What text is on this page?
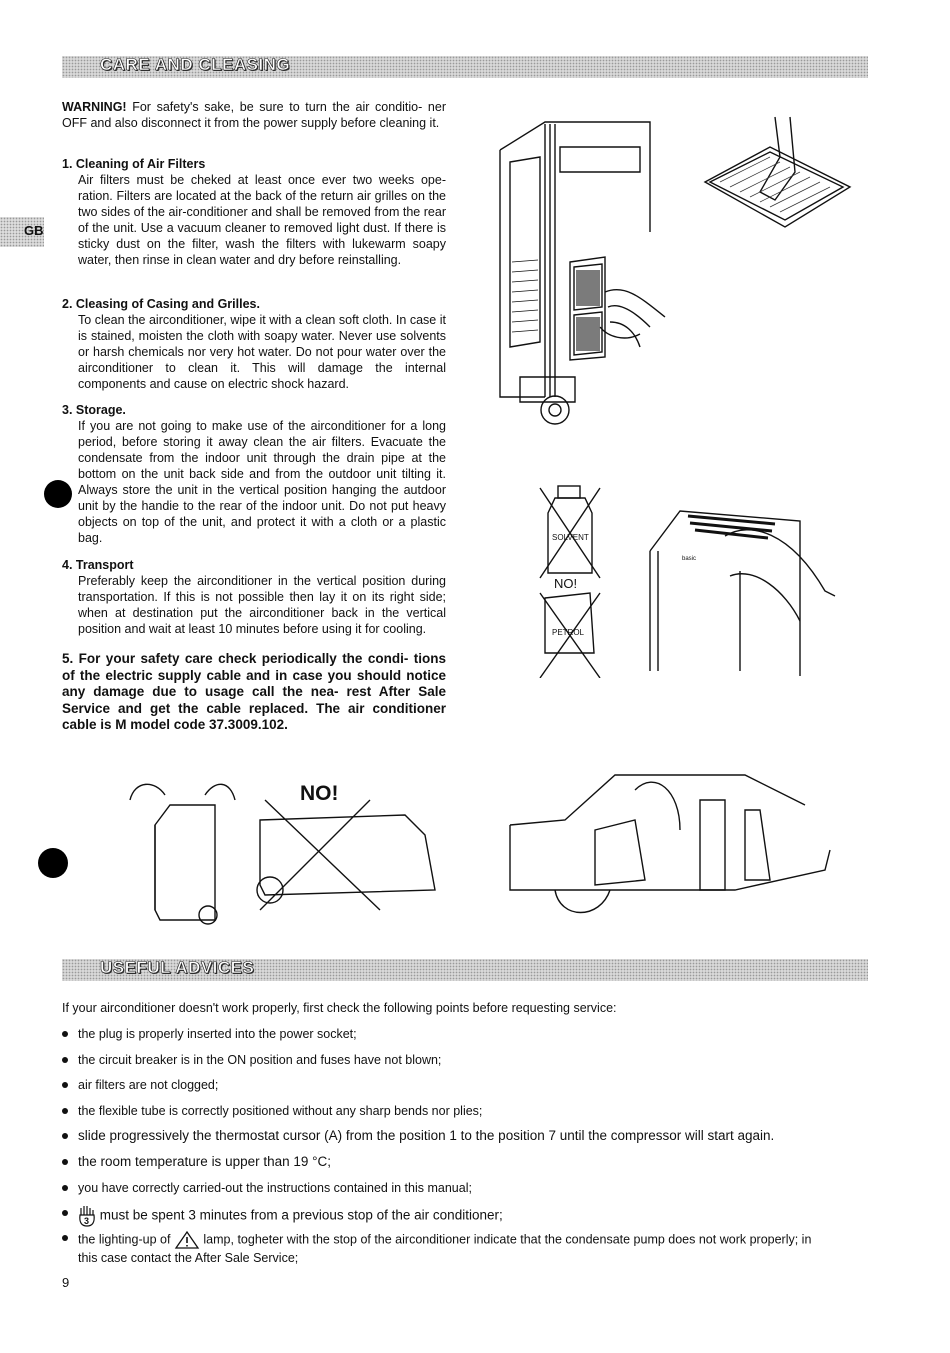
CARE AND CLEASING
GB
WARNING! For safety's sake, be sure to turn the air conditio- ner OFF and also disconnect it from the power supply before cleaning it.
1. Cleaning of Air Filters
Air filters must be cheked at least once ever two weeks ope- ration. Filters are located at the back of the return air grilles on the two sides of the air-conditioner and shall be removed from the rear of the unit. Use a vacuum cleaner to removed light dust. If there is sticky dust on the filter, wash the filters with lukewarm soapy water, then rinse in clean water and dry before reinstalling.
2. Cleasing of Casing and Grilles.
To clean the airconditioner, wipe it with a clean soft cloth. In case it is stained, moisten the cloth with soapy water. Never use solvents or harsh chemicals nor very hot water. Do not pour water over the airconditioner to clean it. This will damage the internal components and cause on electric shock hazard.
3. Storage.
If you are not going to make use of the airconditioner for a long period, before storing it away clean the air filters. Evacuate the condensate from the indoor unit through the drain pipe at the bottom on the unit back side and from the outdoor unit tilting it. Always store the unit in the vertical position hanging the autdoor unit by the handie to the rear of the indoor unit. Do not put heavy objects on top of the unit, and protect it with a cloth or a plastic bag.
4. Transport
Preferably keep the airconditioner in the vertical position during transportation. If this is not possible then lay it on its right side; when at destination put the airconditioner back in the vertical position and wait at least 10 minutes before using it for cooling.
5. For your safety care check periodically the condi- tions of the electric supply cable and in case you should notice any damage due to usage call the nea- rest After Sale Service and get the cable replaced. The air conditioner cable is M model code 37.3009.102.
SOLVENT
PETROL
NO!
basic
NO!
USEFUL ADVICES
If your airconditioner doesn't work properly, first check the following points before requesting service:
the plug is properly inserted into the power socket;
the circuit breaker is in the ON position and fuses have not blown;
air filters are not clogged;
the flexible tube is correctly positioned without any sharp bends nor plies;
slide progressively the thermostat cursor (A) from the position 1 to the position 7 until the compressor will start again.
the room temperature is upper than 19 °C;
you have correctly carried-out the instructions contained in this manual;
3 must be spent 3 minutes from a previous stop of the air conditioner;
the lighting-up of	lamp, togheter with the stop of the airconditioner indicate that the condensate pump does not work properly; in this case contact the After Sale Service;
9
